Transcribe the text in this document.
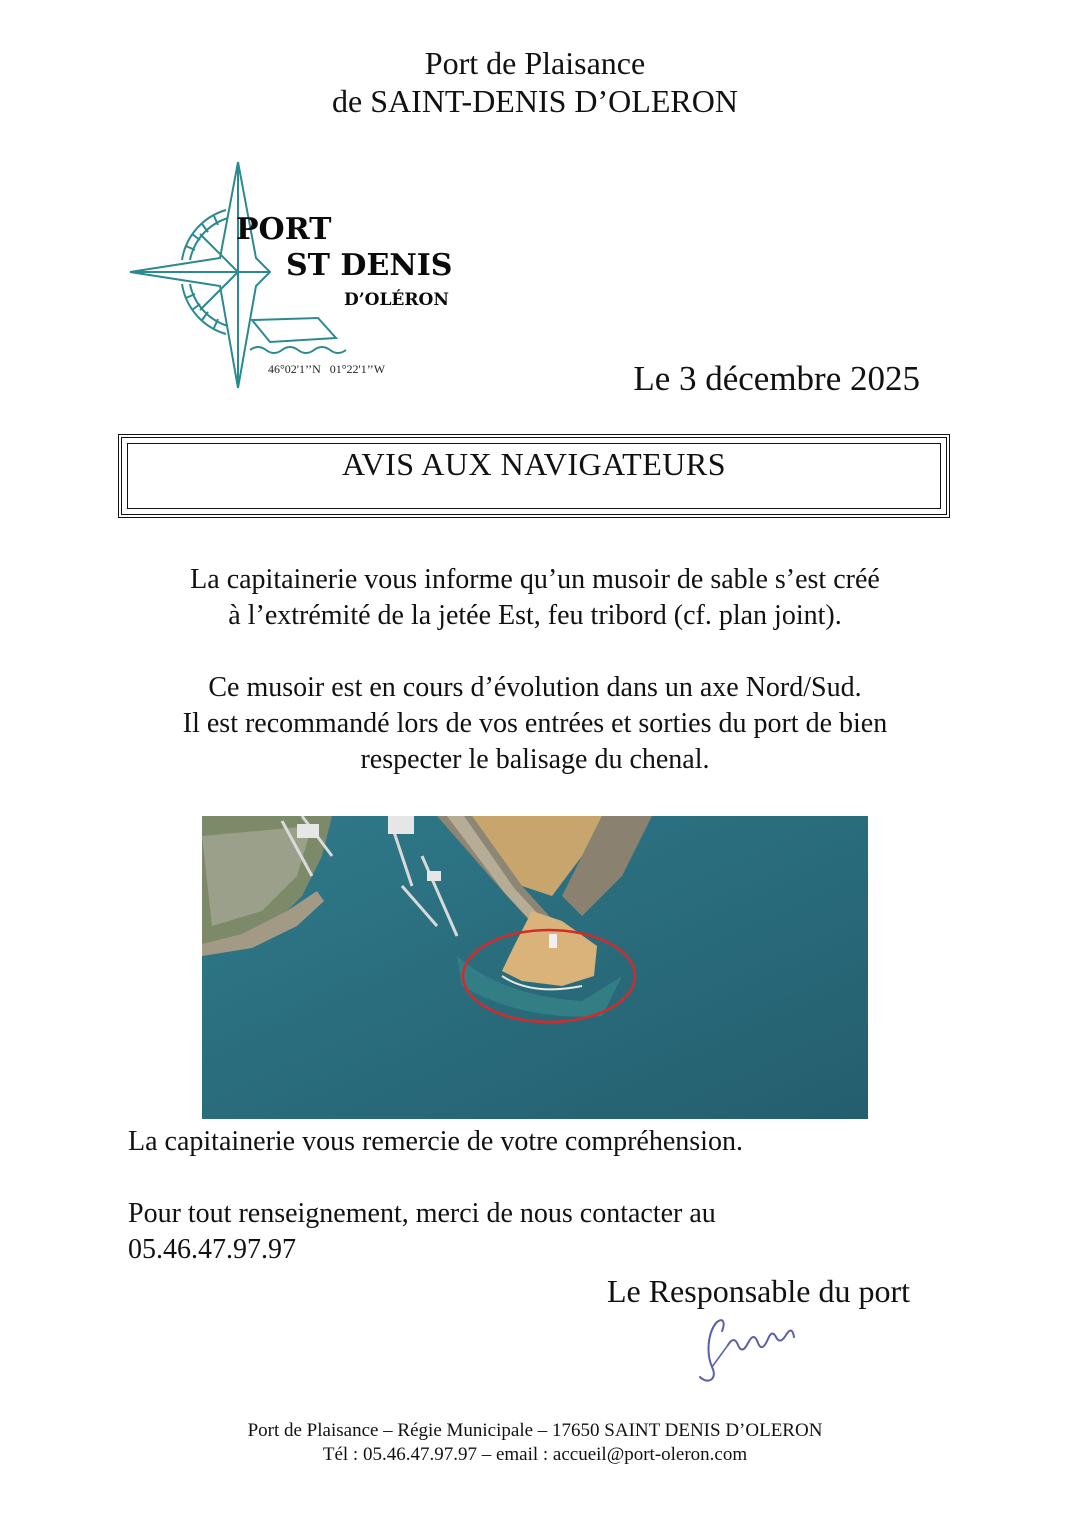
Port de Plaisance
de SAINT-DENIS D’OLERON
PORT
ST DENIS
D’OLÉRON
46°02'1’’N   01°22'1’’W	Le 3 décembre 2025
AVIS AUX NAVIGATEURS
La capitainerie vous informe qu’un musoir de sable s’est créé
à l’extrémité de la jetée Est, feu tribord (cf. plan joint).
Ce musoir est en cours d’évolution dans un axe Nord/Sud.
Il est recommandé lors de vos entrées et sorties du port de bien
respecter le balisage du chenal.
La capitainerie vous remercie de votre compréhension.
Pour tout renseignement, merci de nous contacter au
05.46.47.97.97
Le Responsable du port
Port de Plaisance – Régie Municipale – 17650 SAINT DENIS D’OLERON
Tél : 05.46.47.97.97 – email : accueil@port-oleron.com
